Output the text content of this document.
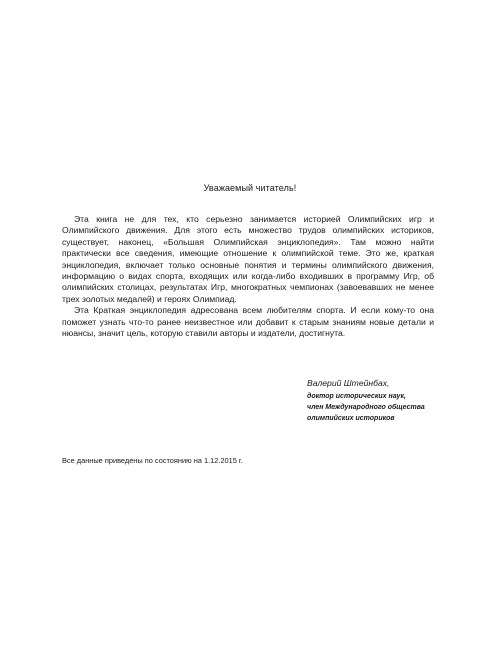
Уважаемый читатель!

Эта книга не для тех, кто серьезно занимается историей Олимпийских игр и Олимпийского движения. Для этого есть множество трудов олимпийских историков, существует, наконец, «Большая Олимпийская энциклопедия». Там можно найти практически все сведения, имеющие отношение к олимпийской теме. Это же, краткая энциклопедия, включает только основные понятия и термины олимпийского движения, информацию о видах спорта, входящих или когда-либо входивших в программу Игр, об олимпийских столицах, результатах Игр, многократных чемпионах (завоевавших не менее трех золотых медалей) и героях Олимпиад.

Эта Краткая энциклопедия адресована всем любителям спорта. И если кому-то она поможет узнать что-то ранее неизвестное или добавит к старым знаниям новые детали и нюансы, значит цель, которую ставили авторы и издатели, достигнута.

Валерий Штейнбах,
доктор исторических наук,
член Международного общества
олимпийских историков
Все данные приведены по состоянию на 1.12.2015 г.
